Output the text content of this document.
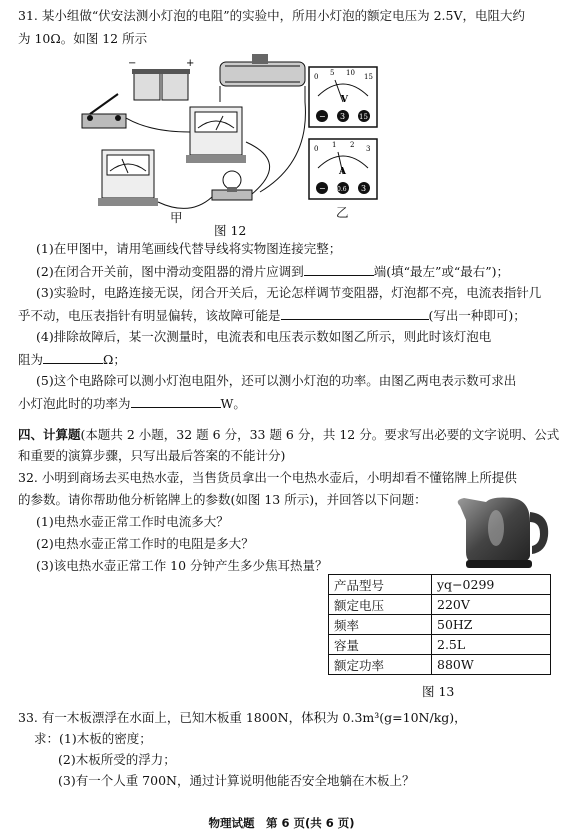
31. 某小组做“伏安法测小灯泡的电阻”的实验中，所用小灯泡的额定电压为 2.5V，电阻大约
为 10Ω。如图 12 所示
−	+
甲
图 12
0 5 10 15
V
− 3 15
0 1 2 3
A
− 0.6 3
乙
(1)在甲图中，请用笔画线代替导线将实物图连接完整；
(2)在闭合开关前，图中滑动变阻器的滑片应调到	端(填“最左”或“最右”)；
(3)实验时，电路连接无误，闭合开关后，无论怎样调节变阻器，灯泡都不亮，电流表指针几
乎不动，电压表指针有明显偏转，该故障可能是	(写出一种即可)；
(4)排除故障后，某一次测量时，电流表和电压表示数如图乙所示，则此时该灯泡电
阻为	Ω；
(5)这个电路除可以测小灯泡电阻外，还可以测小灯泡的功率。由图乙两电表示数可求出
小灯泡此时的功率为	W。
四、计算题(本题共 2 小题，32 题 6 分，33 题 6 分，共 12 分。要求写出必要的文字说明、公式
和重要的演算步骤，只写出最后答案的不能计分)
32. 小明到商场去买电热水壶，当售货员拿出一个电热水壶后，小明却看不懂铭牌上所提供
的参数。请你帮助他分析铭牌上的参数(如图 13 所示)，并回答以下问题：
(1)电热水壶正常工作时电流多大？
(2)电热水壶正常工作时的电阻是多大？
(3)该电热水壶正常工作 10 分钟产生多少焦耳热量？
产品型号	yq−0299
额定电压	220V
频率	50HZ
容量	2.5L
额定功率	880W
图 13
33. 有一木板漂浮在水面上，已知木板重 1800N，体积为 0.3m³(g=10N/kg)，
求：(1)木板的密度；
(2)木板所受的浮力；
(3)有一个人重 700N，通过计算说明他能否安全地躺在木板上？
物理试题　第 6 页(共 6 页)
